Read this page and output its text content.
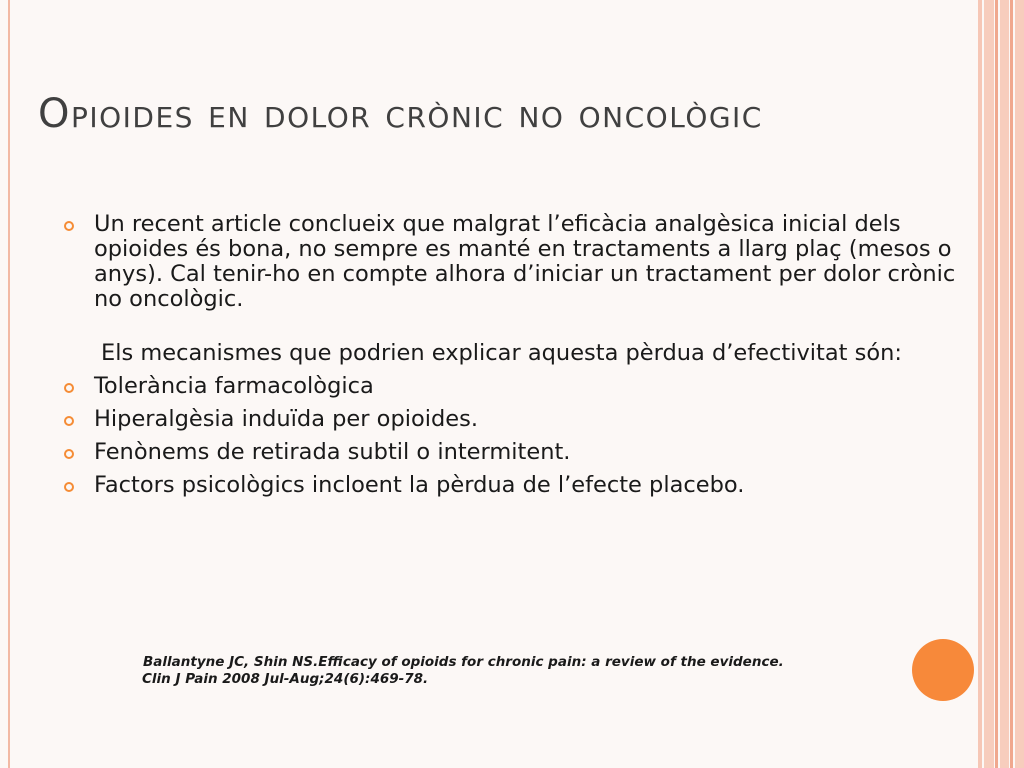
Opioides en dolor crònic no oncològic
Un recent article conclueix que malgrat l’eficàcia analgèsica inicial dels opioides és bona, no sempre es manté en tractaments a llarg plaç (mesos o anys). Cal tenir-ho en compte alhora d’iniciar un tractament per dolor crònic no oncològic.
Els mecanismes que podrien explicar aquesta pèrdua d’efectivitat són:
Tolerància farmacològica
Hiperalgèsia induïda per opioides.
Fenònems de retirada subtil o intermitent.
Factors psicològics incloent la pèrdua de l’efecte placebo.
Ballantyne JC, Shin NS.Efficacy of opioids for chronic pain: a review of the evidence.
Clin J Pain 2008 Jul-Aug;24(6):469-78.
